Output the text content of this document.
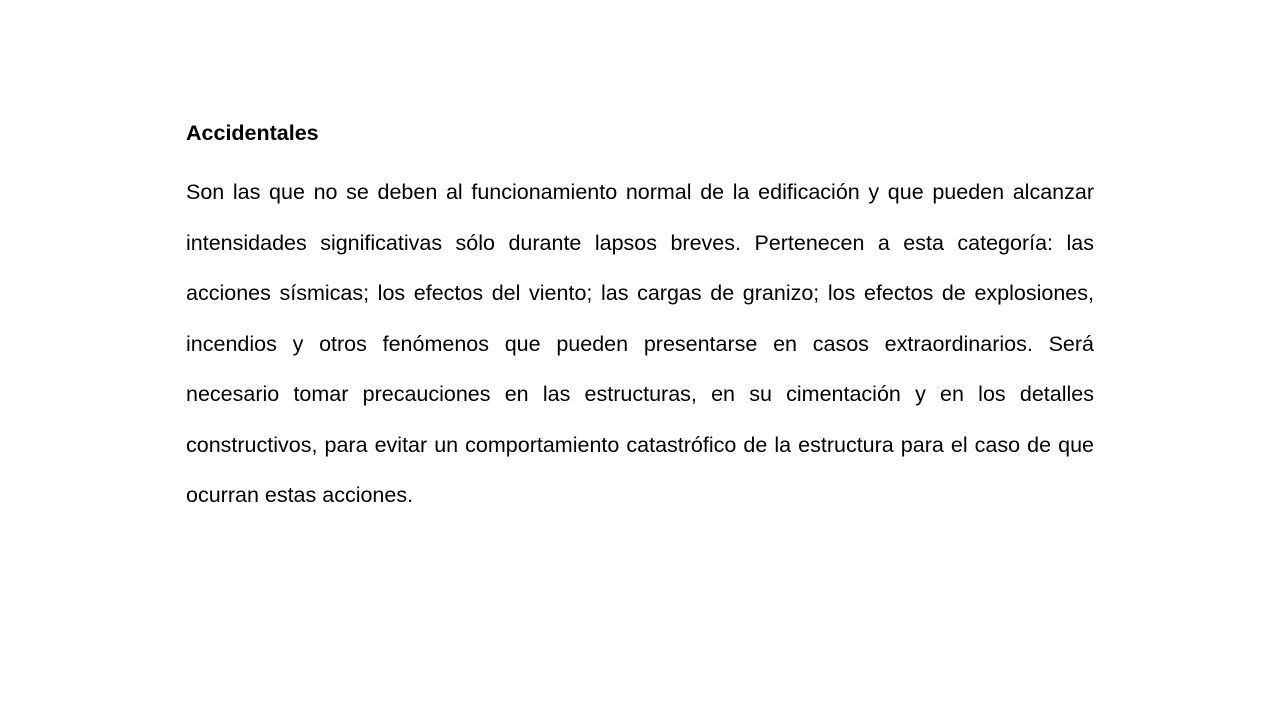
Accidentales

Son las que no se deben al funcionamiento normal de la edificación y que pueden alcanzar intensidades significativas sólo durante lapsos breves. Pertenecen a esta categoría: las acciones sísmicas; los efectos del viento; las cargas de granizo; los efectos de explosiones, incendios y otros fenómenos que pueden presentarse en casos extraordinarios. Será necesario tomar precauciones en las estructuras, en su cimentación y en los detalles constructivos, para evitar un comportamiento catastrófico de la estructura para el caso de que ocurran estas acciones.
